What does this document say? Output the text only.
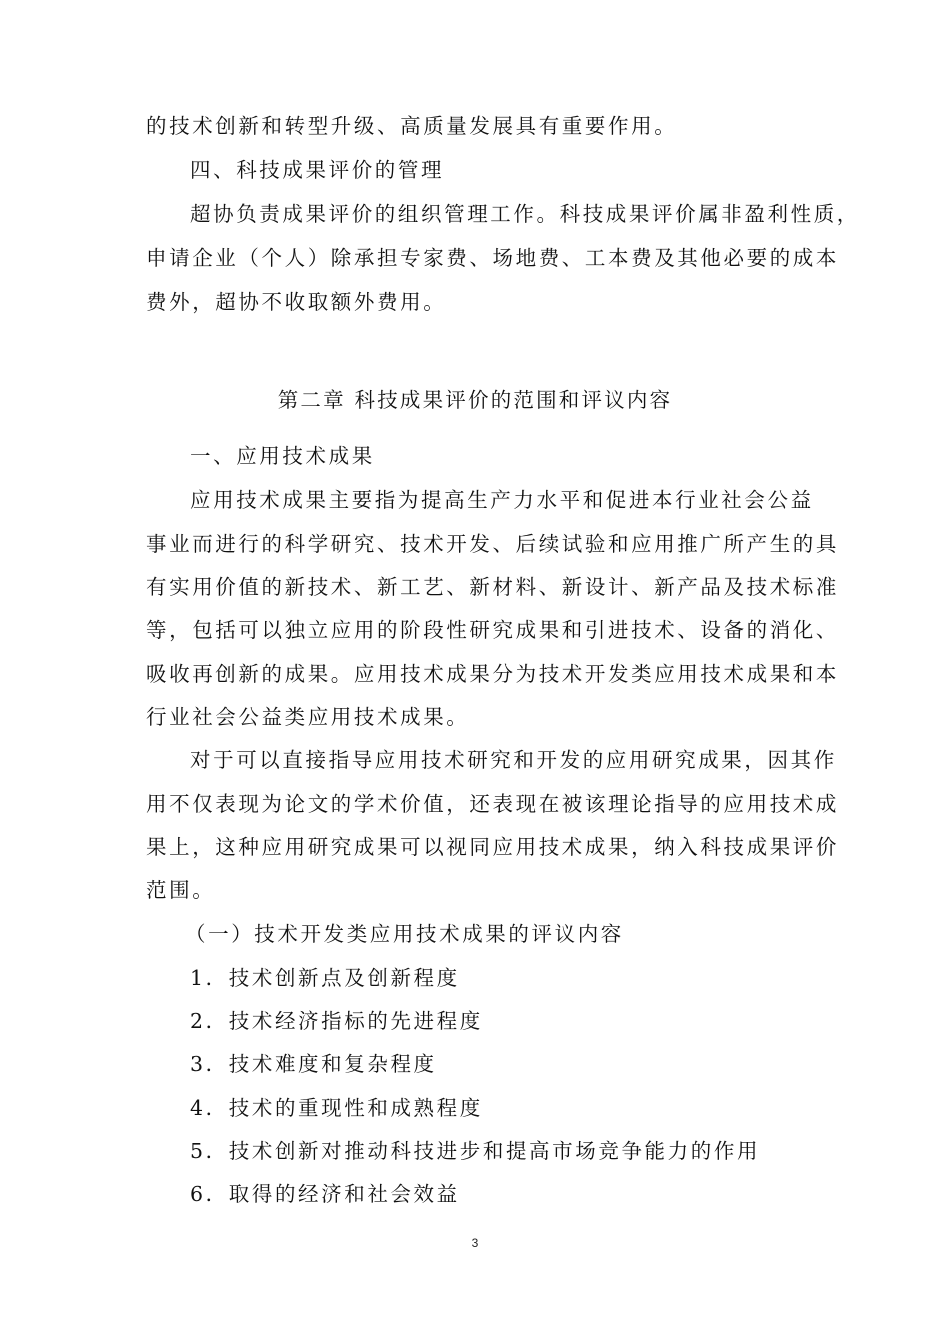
的技术创新和转型升级、高质量发展具有重要作用。
四、科技成果评价的管理
超协负责成果评价的组织管理工作。科技成果评价属非盈利性质，
申请企业（个人）除承担专家费、场地费、工本费及其他必要的成本
费外，超协不收取额外费用。
第二章 科技成果评价的范围和评议内容
一、应用技术成果
应用技术成果主要指为提高生产力水平和促进本行业社会公益
事业而进行的科学研究、技术开发、后续试验和应用推广所产生的具
有实用价值的新技术、新工艺、新材料、新设计、新产品及技术标准
等，包括可以独立应用的阶段性研究成果和引进技术、设备的消化、
吸收再创新的成果。应用技术成果分为技术开发类应用技术成果和本
行业社会公益类应用技术成果。
对于可以直接指导应用技术研究和开发的应用研究成果，因其作
用不仅表现为论文的学术价值，还表现在被该理论指导的应用技术成
果上，这种应用研究成果可以视同应用技术成果，纳入科技成果评价
范围。
（一）技术开发类应用技术成果的评议内容
1．技术创新点及创新程度
2．技术经济指标的先进程度
3．技术难度和复杂程度
4．技术的重现性和成熟程度
5．技术创新对推动科技进步和提高市场竞争能力的作用
6．取得的经济和社会效益
3
